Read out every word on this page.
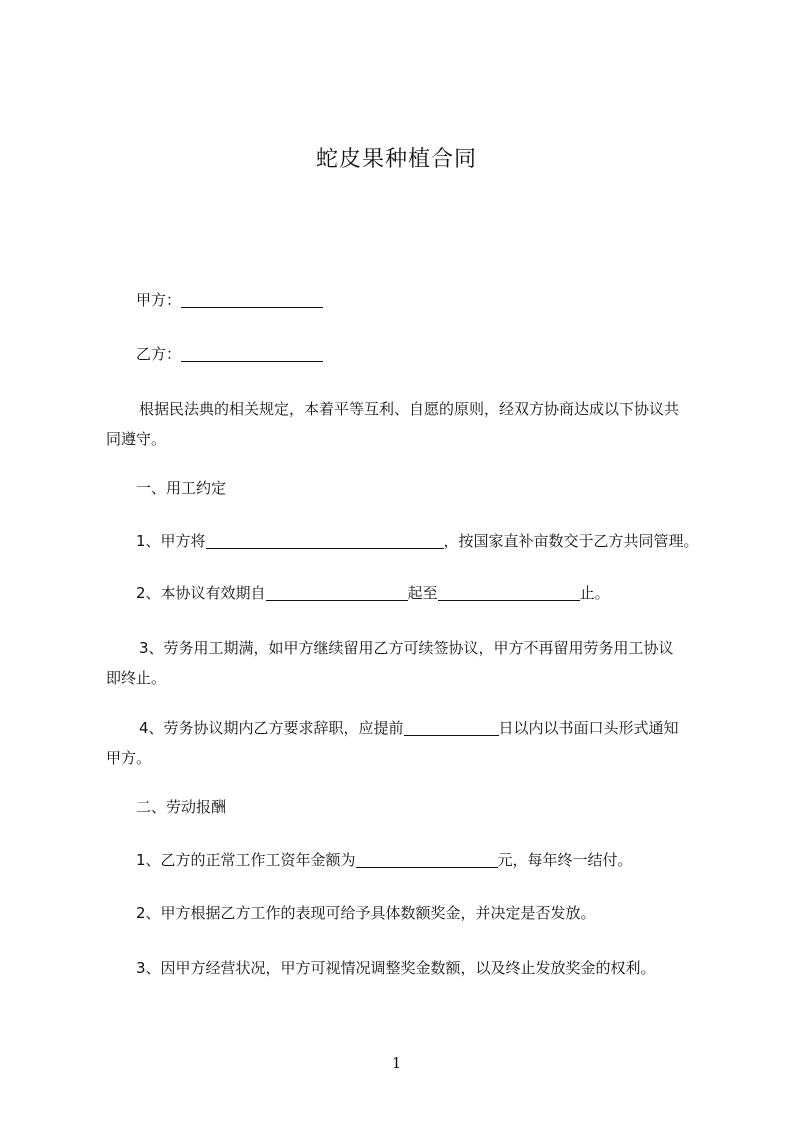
蛇皮果种植合同
甲方：
乙方：
根据民法典的相关规定，本着平等互利、自愿的原则，经双方协商达成以下协议共同遵守。
一、用工约定
1、甲方将	，按国家直补亩数交于乙方共同管理。
2、本协议有效期自	起至	止。
3、劳务用工期满，如甲方继续留用乙方可续签协议，甲方不再留用劳务用工协议即终止。
4、劳务协议期内乙方要求辞职，应提前	日以内以书面口头形式通知甲方。
二、劳动报酬
1、乙方的正常工作工资年金额为	元，每年终一结付。
2、甲方根据乙方工作的表现可给予具体数额奖金，并决定是否发放。
3、因甲方经营状况，甲方可视情况调整奖金数额，以及终止发放奖金的权利。
1
